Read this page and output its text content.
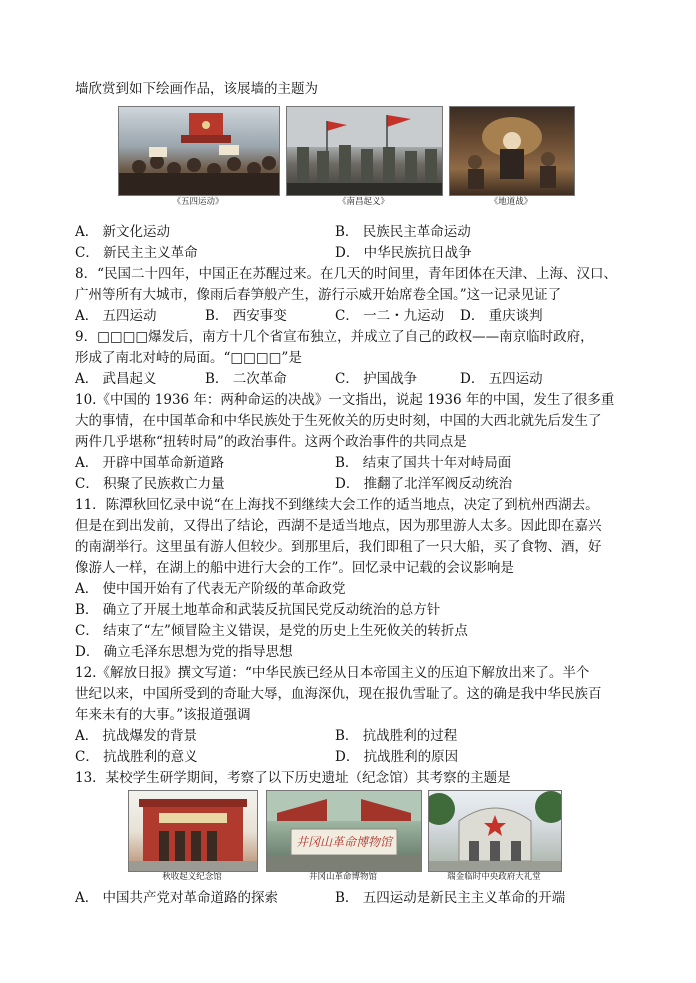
墙欣赏到如下绘画作品，该展墙的主题为
《五四运动》	《南昌起义》	《地道战》
A． 新文化运动	B． 民族民主革命运动
C． 新民主主义革命	D． 中华民族抗日战争
8．“民国二十四年，中国正在苏醒过来。在几天的时间里，青年团体在天津、上海、汉口、
广州等所有大城市，像雨后春笋般产生，游行示威开始席卷全国。”这一记录见证了
A． 五四运动	B． 西安事变	C． 一二・九运动 D． 重庆谈判
9．□□□□爆发后，南方十几个省宣布独立，并成立了自己的政权——南京临时政府，
形成了南北对峙的局面。“□□□□”是
A． 武昌起义	B． 二次革命	C． 护国战争	D． 五四运动
10.《中国的 1936 年：两种命运的决战》一文指出，说起 1936 年的中国，发生了很多重
大的事情，在中国革命和中华民族处于生死攸关的历史时刻，中国的大西北就先后发生了
两件几乎堪称“扭转时局”的政治事件。这两个政治事件的共同点是
A． 开辟中国革命新道路	B． 结束了国共十年对峙局面
C． 积聚了民族救亡力量	D． 推翻了北洋军阀反动统治
11．陈潭秋回忆录中说“在上海找不到继续大会工作的适当地点，决定了到杭州西湖去。
但是在到出发前，又得出了结论，西湖不是适当地点，因为那里游人太多。因此即在嘉兴
的南湖举行。这里虽有游人但较少。到那里后，我们即租了一只大船，买了食物、酒，好
像游人一样，在湖上的船中进行大会的工作”。回忆录中记载的会议影响是
A． 使中国开始有了代表无产阶级的革命政党
B． 确立了开展土地革命和武装反抗国民党反动统治的总方针
C． 结束了“左”倾冒险主义错误，是党的历史上生死攸关的转折点
D． 确立毛泽东思想为党的指导思想
12.《解放日报》撰文写道：“中华民族已经从日本帝国主义的压迫下解放出来了。半个
世纪以来，中国所受到的奇耻大辱，血海深仇，现在报仇雪耻了。这的确是我中华民族百
年来未有的大事。”该报道强调
A． 抗战爆发的背景	B． 抗战胜利的过程
C． 抗战胜利的意义	D． 抗战胜利的原因
13．某校学生研学期间，考察了以下历史遗址（纪念馆）其考察的主题是
井冈山革命博物馆
秋收起义纪念馆	井冈山革命博物馆	瑞金临时中央政府大礼堂
A． 中国共产党对革命道路的探索	B． 五四运动是新民主主义革命的开端
